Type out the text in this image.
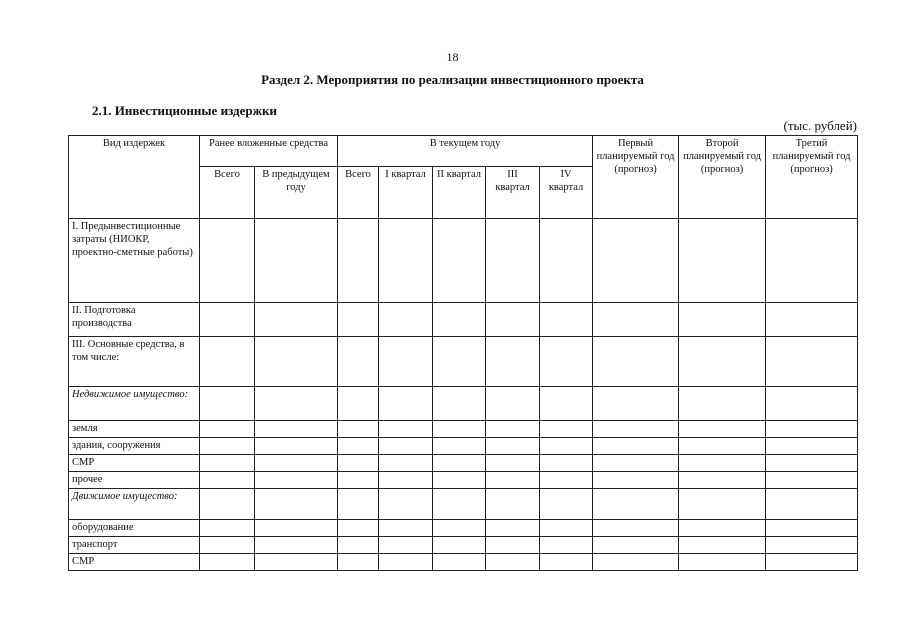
18
Раздел 2. Мероприятия по реализации инвестиционного проекта
2.1. Инвестиционные издержки
(тыс. рублей)
Вид издержек	Ранее вложенные средства		В текущем году					Первый планируемый год (прогноз)	Второй планируемый год (прогноз)	Третий планируемый год (прогноз)
	Всего	В предыдущем году	Всего	I квартал	II квартал	III квартал	IV квартал			
I. Предынвестиционные затраты (НИОКР, проектно-сметные работы)										
II. Подготовка производства										
III. Основные средства, в том числе:										
Недвижимое имущество:										
земля										
здания, сооружения										
СМР										
прочее										
Движимое имущество:										
оборудование										
транспорт										
СМР										
